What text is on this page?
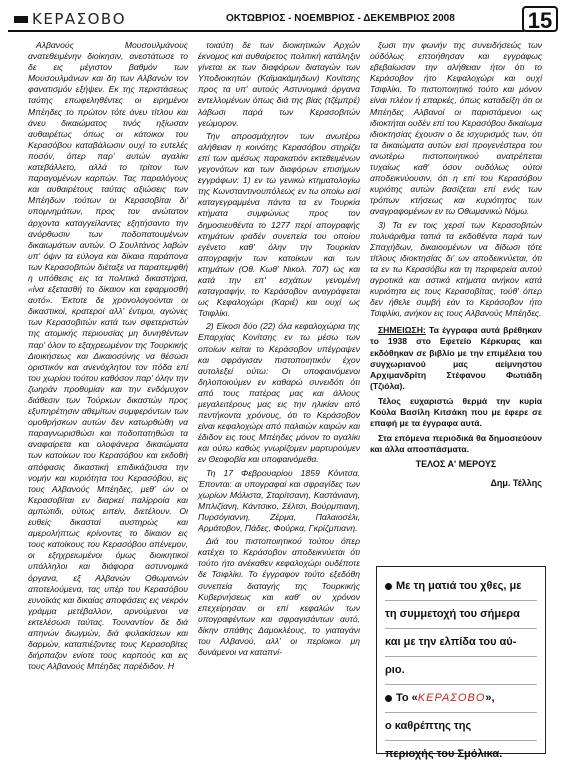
ΚΕΡΑΣΟΒΟ	ΟΚΤΩΒΡΙΟΣ - ΝΟΕΜΒΡΙΟΣ - ΔΕΚΕΜΒΡΙΟΣ 2008	15

Αλβανούς Μουσουλμάνους ανατεθειμένην διοίκησιν, ανεστάτωσε το δε εις μέγιστον βαθμόν των Μουσουλμάνων και δη των Αλβανών τον φανατισμόν εξήψεν. Εκ της περιστάσεως ταύτης επωφεληθέντες οι ειρημένοι Μπέηδες το πρώτον τότε άνευ τίτλου και άνευ δικαιώματος τινός ηξίωσαν αυθαιρέτως όπως οι κάτοικοι του Κερασόβου καταβάλωσιν ουχί το ευτελές ποσόν, όπερ παρ' αυτών αγαλίκι κατεβάλλετο, αλλά το τρίτον των παραγομένων καρπών. Τας παραλόγους και αυθαιρέτους ταύτας αξιώσεις των Μπέηδων τούτων οι Κερασοβίται δι' υπομνημάτων, προς τον ανώτατον άρχοντα καταγγείλαντες εξητήσαντο την ανόρθωσιν των ποδοπατουμένων δικαιωμάτων αυτών. Ο Σουλτάνος λαβών υπ' όψιν τα εύλογα και δίκαια παράπονα των Κερασοβιτών διέταξε να παραπεμφθή η υπόθεσις εις τα πολιτικά δικαστήρια, «ίνα εξετασθή το δίκαιον και εφαρμοσθή αυτό». Έκτοτε δε χρονολογούνται οι δικαστικοί, κρατεροί αλλ' έντιμοι, αγώνες των Κερασοβιτών κατά των σφετεριστών της ατομικής περιουσίας μη δυνηθέντων παρ' όλον το εξαχρεωμένον της Τουρκικής Διοικήσεως και Δικαιοσύνης να θέσωσι οριστικόν και ανενόχλητον τον πόδα επί του χωρίου τούτου καθόσον παρ' όλην την ζωηράν προθυμίαν και την ενδόμυχον διάθεσιν των Τούρκων δικαστών προς εξυπηρέτησιν αθεμίτων συμφερόντων των ομοθρήσκων αυτών δεν κατωρθώθη να παραγνωρισθώσι και ποδοπατηθώσι τα αναφαίρετα και ολοφάνερα δικαιώματα των κατοίκων του Κερασόβου και εκδοθή απόφασις δικαστική επιδικάζουσα την νομήν και κυριότητα του Κερασόβου, εις τους Αλβανούς Μπέηδες, μεθ' ών οι Κερασοβίται εν διαρκεί παλίρροία και αμπώτιδι, ούτως ειπείν, διετέλουν. Οι ευθείς δικασταί αυστηρώς και αμερολήπτως κρίνοντες το δίκαιον εις τους κατοίκους του Κερασόβου απένεμον, οι εξηχρειωμένοι όμως διοικητικοί υπάλληλοι και διάφορα αστυνομικά όργανα, εξ Αλβανών Οθωμανών αποτελούμενα, τας υπέρ του Κερασόβου ευνοϊκάς και δικαίας αποφάσεις εις νεκρόν γράμμα μετέβαλλον, αρνούμενοι να εκτελέσωσι ταύτας. Τουναντίον δε διά απηνών διωγμών, διά φυλακίσεων και δαρμών, καταπιέζοντες τους Κερασοβίτες διήρπαζον ενίοτε τους καρπούς και εις τους Αλβανούς Μπέηδες παρέδιδον. Η

τοιαύτη δε των διοικητικών Αρχών έκνομος και αυθαίρετος πολιτική κατάληξιν γίνεται εκ των διαφόρων διαταγών των Υποδιοικητών (Καϊμακάμηδων) Κονίτσης προς τα υπ' αυτούς Αστυνομικά όργανα εντελλομένων όπως διά της βίας (τζέμπρέ) λάβωσι παρά των Κερασοβιτών γεώμορον.

Την απροσμάχητον των ανωτέρω αλήθειαν η κοινότης Κερασόβου στηρίζει επί των αμέσως παρακατιόν εκτεθειμένων γεγονότων και των διαφόρων επισήμων εγγράφων: 1) εν τω γενικώ κτηματολογίω της Κωνσταντινουπόλεως εν τω οποίω εισί καταγεγραμμένα πάντα τα εν Τουρκία κτήματα συμφώνως προς τον δημοσιευθέντα το 1277 περί απογραφής κτημάτων ιραδέν συνεπεία του οποίου εγένετο καθ' όλην την Τουρκίαν απογραφήν των κατοίκων και των κτημάτων (Οθ. Κωθ' Νικολ. 707) ως και κατά την επ' εσχάτων γενομένη καταγραφήν, το Κεράσοβον αναγράφεται ως Κεφαλοχώρι (Καριέ) και ουχί ως Τσιφλίκι.

2) Είκοσι δύο (22) όλα κεφαλοχώρια της Επαρχίας Κονίτσης εν τω μέσω των οποίων κείται το Κεράσοβον υπέγραψεν και σφράγισαν πιστοποιητικόν έχον αυτολεξεί ούτω: Οι υποφαινόμενοι δηλοποιούμεν εν καθαρώ συνειδότι ότι από τους πατέρας μας και άλλους μεγαλειτέρους μας εις την ηλικίαν από πεντήκοντα χρόνους, ότι το Κεράσοβον είναι κεφαλοχώρι από παλαιών καιρών και έδιδον εις τους Μπέηδες μόνον το αγαλίκι και ούτω καθώς γνωρίζομεν μαρτυρούμεν εν Θεοφοβία και υποφαινόμεθα.

Τη 17 Φεβρουαρίου 1859 Κόνιτσα. Έπονται: αι υπογραφαί και σφραγίδες των χωρίων Μόλιστα, Σταρίτσανη, Καστάνιανη, Μπλιζίανη, Κάντσικο, Σέλτσι, Βούρμπιανη, Πυρσόγιαννη, Ζέρμα, Παλαιοσέλι, Αρμάτοβον, Πάδες, Φούρκα, Γκρίζμπιανη.

Διά του πιστοποιητικού τούτου όπερ κατέχει το Κεράσοβον αποδεικνύεται ότι τούτο ήτο ανέκαθεν κεφαλοχώρι ουδέποτε δε Τσιφλίκι. Το έγγραφον τούτο εξεδόθη συνεπεία διαταγής της Τουρκικής Κυβερνήσεως και καθ' ον χρόνον επεχείρησαν οι επί κεφαλών των υπογραφέντων και σφραγισάντων αυτό, δίκην σπάθης Δαμοκλέους, το γιαταγάνι του Αλβανού, αλλ' οι περίοικοι μη δυνάμενοι να καταπνί-

ξωσι την φωνήν της συνειδήσεώς των ούδόλως επτοήθησαν και εγγράφως εβεβαίωσαν την αλήθειαν ήτοι ότι το Κεράσοβον ήτο Κεφαλοχώρι και ουχί Τσιφλίκι. Το πιστοποιητικό τούτο και μόνον είναι πλέον ή επαρκές, όπως καταδείξη ότι οι Μπέηδες Αλβανοί οι παριστάμενοι ως ιδιοκτήται ουδέν επί του Κερασόβου δικαίωμα ιδιοκτησίας έχουσιν ο δε ισχυρισμός των, ότι τα δικαιώματα αυτών εισί προγενέστερα του ανωτέρω πιστοποιητικού ανατρέπεται τυχαίως καθ' όσον ουδόλως ούτοι αποδεικνύουσιν, ότι η επί του Κερασόβου κυριότης αυτών βασίζεται επί ενός των τρόπων κτήσεως και κυριότητος των αναγραφομένων εν τω Οθωμανικώ Νόμω.

3) Τα εν τοις χερσί των Κερασοβιτών πολυάριθμα ταπιά τα εκδοθέντα παρά των Σπαχήδων, δικαιουμένων να δίδωσι τότε τίτλους ιδιοκτησίας δι' ων αποδεικνύεται, ότι τα εν τω Κερασόβω και τη περιφερεία αυτού αγροτικά και αστικά κτήματα ανήκον κατά κυριότητα εις τους Κερασοβίτας, τούθ' όπερ δεν ήθελε συμβή εάν το Κεράσοβον ήτο Τσιφλίκι, ανήκον εις τους Αλβανούς Μπέηδες.

ΣΗΜΕΙΩΣΗ: Τα έγγραφα αυτά βρέθηκαν το 1938 στο Εφετείο Κέρκυρας και εκδόθηκαν σε βιβλίο με την επιμέλεια του συγχωριανού μας αείμνηστου Αρχιμανδρίτη Στέφανου Φωτιάδη (Τζιόλα).

Τέλος ευχαριστώ θερμά την κυρία Κούλα Βασίλη Κιτσάκη που με έφερε σε επαφή με τα έγγραφα αυτά.

Στα επόμενα περιοδικά θα δημοσιεύουν και άλλα αποσπάσματα.

ΤΕΛΟΣ Α' ΜΕΡΟΥΣ
Δημ. Τέλλης
Με τη ματιά του χθες, με
τη συμμετοχή του σήμερα
και με την ελπίδα του αύ-
ριο.
Το «ΚΕΡΑΣΟΒΟ»,
ο καθρέπτης της
περιοχής του Σμόλικα.
